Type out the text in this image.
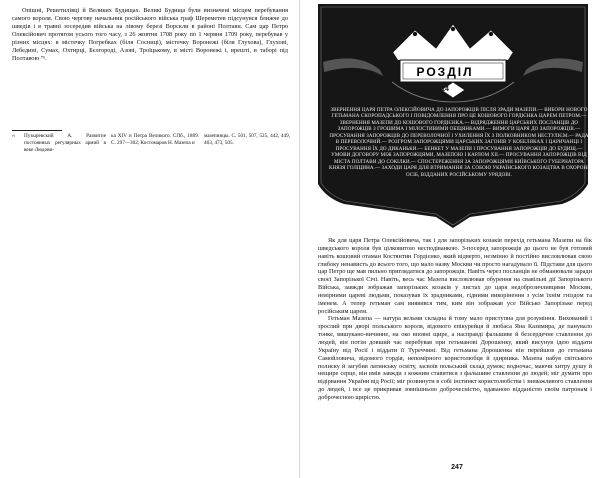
Опішні, Решетилівці й Великих Будищах. Великі Будища були визначені місцем перебування самого короля. Свою чергову начальник російського війська граф Шереметев підсунувся ближче до шведів і в травні зосередив війська на лівому березі Ворскли в районі Полтави. Сам цар Петро Олексійович протягом усього того часу, з 26 жовтня 1708 року по 1 червня 1709 року, перебував у різних місцях: в містечку Погребках (біля Сосниці), містечку Воронежі (біля Глухова), Глухові, Лебедині, Сумах, Охтирці, Бєлгороді, Азові, Троїцькому, в місті Воронежі і, врешті, в таборі під Полтавою ⁷⁵.

⁷⁵ Пузыревский А. Развитие постоянных регулярных армий в веке Людови-
ка XIV и Петра Великого. СПб., 1889. С. 297—302; Костомаров Н. Мазепа и
мазепинцы. С. 501, 507, 525, 442, 449, 463, 473, 505.
РОЗДІЛ
14

ЗВЕРНЕННЯ ЦАРЯ ПЕТРА ОЛЕКСІЙОВИЧА ДО ЗАПОРОЖЦІВ ПІСЛЯ ЗРАДИ МАЗЕПИ.— ВИБОРИ НОВОГО ГЕТЬМАНА СКОРОПАДСЬКОГО І ПОВІДОМЛЕННЯ ПРО ЦЕ КОШОВОГО ГОРДІЄНКА ЦАРЕМ ПЕТРОМ.— ЗВЕРНЕННЯ МАЗЕПИ ДО КОШОВОГО ГОРДІЄНКА.— ВІДРЯДЖЕННЯ ЦАРСЬКИХ ПОСЛАНЦІВ ДО ЗАПОРОЖЦІВ З ГРОШИМА І МІЛОСТИВИМИ ОБІЦЯНКАМИ.— ВИМОГИ ЦАРЯ ДО ЗАПОРОЖЦІВ.— ПРОСУВАННЯ ЗАПОРОЖЦІВ ДО ПЕРЕВОЛОЧНОЇ І УХИЛЕННЯ ЇХ З ПОЛКОВНИКОМ НЕСТУЛІЄМ.— РАДА В ПЕРЕВОЛОЧНІЙ.— РОЗГРОМ ЗАПОРОЖЦЯМИ ЦАРСЬКИХ ЗАГОНІВ У КОБЕЛЯКАХ І ЦАРИЧАНЦІ І ПРОСУВАННЯ ЇХ ДО ДИКАНЬКИ.— БЕНКЕТ У МАЗЕПИ І ПРОСУВАННЯ ЗАПОРОЖЦІВ ДО БУДИЩ.— УМОВИ ДОГОВОРУ МІЖ ЗАПОРОЖЦЯМИ, МАЗЕПОЮ І КАРЛОМ XII.— ПРОСУВАННЯ ЗАПОРОЖЦІВ ВІД МІСТА ПОЛТАВИ ДО СОКІЛКИ.— СПОСТЕРЕЖЕННЯ ЗА ЗАПОРОЖЦЯМИ КИЇВСЬКОГО ГУБЕРНАТОРА КНЯЗЯ ГОЛІЦИНА.— ЗАХОДИ ЦАРЯ ДЛЯ ВТРИМАННЯ ЗА СОБОЮ УКРАЇНСЬКОГО КОЗАЦТВА В ОХОРОНІ ОСІБ, ВІДДАНИХ РОСІЙСЬКОМУ УРЯДОВІ.

Як для царя Петра Олексійовича, так і для запорізьких козаків перехід гетьмана Мазепи на бік шведського короля був цілковитою несподіванкою. З-посеред запорожців до цього не був готовий навіть кошовий отаман Костянтин Гордієнко, який відверто, незмінно й постійно висловлював свою глибоку ненависть до всього того, що мало назву Москви чи просто нагадувало її. Підстави для цього цар Петро ще мав пильно приглядатися до запорожців. Навіть через посланців не обманювали заради своєї Запорізької Січі. Навіть, весь час Мазепа висловлював обурення на свавільні дії Запорізького Війська, завжди зображав запорізьких козаків у листах до царя недоброзичливцями Москви, невірними цареві людьми, показував їх зрадниками, гідними викорінення з усім їхнім гніздом та іменем. А тепер гетьман сам виявився тим, ким він зображав усе Військо Запорізьке перед російським царем.

Гетьман Мазепа — натура вельми складна й тому мало приступна для розуміння. Вихований і зрослий при дворі польського короля, відомого епікурейця й любаса Яна Казимира, де панувало тонке, вишукано-вичинне, на око вповні щире, а насправді фальшиве й безсердечне ставлення до людей, він потім довший час перебував при гетьманові Дорошенку, який висунув ідею віддати Україну від Росії і віддати її Туреччині. Від гетьмана Дорошенка він перейшов до гетьмана Самойловича, відомого гордія, непомірного користолюбця й здирника. Мазепа набув світського полиску й загубив латинську освіту, засвоїв польський склад думок; водночас, маючи хитру душу й нещире серце, він вмів завжди з кожним ставитися з фальшиве ставлення до людей; міг думати про відірвання України від Росії; міг розвинути в собі інстинкт користолюбства і зневажливого ставлення до людей, і все це прикривав зовнішньою доброчесністю, вдаваною відданістю своїм патронам і доброчесною щирістю.

247
